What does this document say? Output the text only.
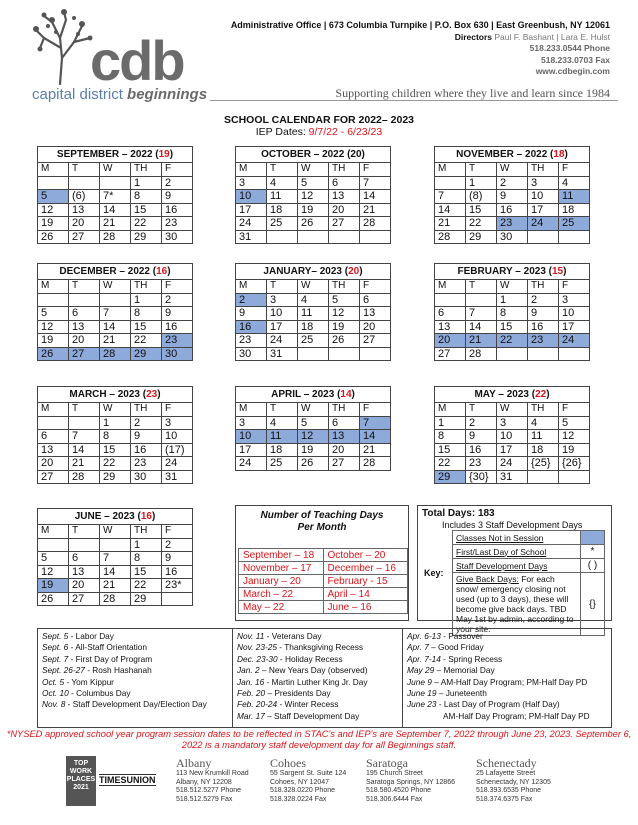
cdb
capital district beginnings
Administrative Office | 673 Columbia Turnpike | P.O. Box 630 | East Greenbush, NY 12061
Directors Paul F. Bashant | Lara E. Hulst
518.233.0544 Phone
518.233.0703 Fax
www.cdbegin.com
Supporting children where they live and learn since 1984
SCHOOL CALENDAR FOR 2022– 2023
IEP Dates: 9/7/22 - 6/23/23
SEPTEMBER – 2022 (19)				
M	T	W	TH	F
			1	2
5	(6)	7*	8	9
12	13	14	15	16
19	20	21	22	23
26	27	28	29	30
OCTOBER – 2022 (20)				
M	T	W	TH	F
3	4	5	6	7
10	11	12	13	14
17	18	19	20	21
24	25	26	27	28
31				
NOVEMBER – 2022 (18)				
M	T	W	TH	F
	1	2	3	4
7	(8)	9	10	11
14	15	16	17	18
21	22	23	24	25
28	29	30		
DECEMBER – 2022 (16)				
M	T	W	TH	F
			1	2
5	6	7	8	9
12	13	14	15	16
19	20	21	22	23
26	27	28	29	30
JANUARY– 2023 (20)				
M	T	W	TH	F
2	3	4	5	6
9	10	11	12	13
16	17	18	19	20
23	24	25	26	27
30	31			
FEBRUARY – 2023 (15)				
M	T	W	TH	F
		1	2	3
6	7	8	9	10
13	14	15	16	17
20	21	22	23	24
27	28			
MARCH – 2023 (23)				
M	T	W	TH	F
		1	2	3
6	7	8	9	10
13	14	15	16	(17)
20	21	22	23	24
27	28	29	30	31
APRIL – 2023 (14)				
M	T	W	TH	F
3	4	5	6	7
10	11	12	13	14
17	18	19	20	21
24	25	26	27	28
MAY – 2023 (22)				
M	T	W	TH	F
1	2	3	4	5
8	9	10	11	12
15	16	17	18	19
22	23	24	{25}	{26}
29	{30}	31		
JUNE – 2023 (16)				
M	T	W	TH	F
			1	2
5	6	7	8	9
12	13	14	15	16
19	20	21	22	23*
26	27	28	29	
Number of Teaching Days
Per Month
September – 18	October – 20
November – 17	December – 16
January – 20	February - 15
March – 22	April – 14
May – 22	June – 16
Total Days: 183
Includes 3 Staff Development Days
Key:
Classes Not in Session	
First/Last Day of School	*
Staff Development Days	( )
Give Back Days: For each snow/ emergency closing not used (up to 3 days), these will become give back days. TBD May 1st by admin, according to your site.	{}
Sept. 5 - Labor Day
Sept. 6 - All-Staff Orientation
Sept. 7 - First Day of Program
Sept. 26-27 - Rosh Hashanah
Oct. 5 - Yom Kippur
Oct. 10 - Columbus Day
Nov. 8 - Staff Development Day/Election Day
Nov. 11 - Veterans Day
Nov. 23-25 - Thanksgiving Recess
Dec. 23-30 - Holiday Recess
Jan. 2 – New Years Day (observed)
Jan. 16 - Martin Luther King Jr. Day
Feb. 20 – Presidents Day
Feb. 20-24 - Winter Recess
Mar. 17 – Staff Development Day
Apr. 6-13 - Passover
Apr. 7 – Good Friday
Apr. 7-14 - Spring Recess
May 29 – Memorial Day
June 9 – AM-Half Day Program; PM-Half Day PD
June 19 – Juneteenth
June 23 - Last Day of Program (Half Day)
AM-Half Day Program; PM-Half Day PD
*NYSED approved school year program session dates to be reflected in STAC's and IEP's are September 7, 2022 through June 23, 2023. September 6, 2022 is a mandatory staff development day for all Beginnings staff.
TOP WORK PLACES 2021
TIMESUNION
Albany
113 New Krumkill Road
Albany, NY 12208
518.512.5277 Phone
518.512.5279 Fax
Cohoes
55 Sargent St. Suite 124
Cohoes, NY 12047
518.328.0220 Phone
518.328.0224 Fax
Saratoga
195 Church Street
Saratoga Springs, NY 12866
518.580.4520 Phone
518.306.6444 Fax
Schenectady
25 Lafayette Street
Schenectady, NY 12305
518.393.6535 Phone
518.374.6375 Fax
